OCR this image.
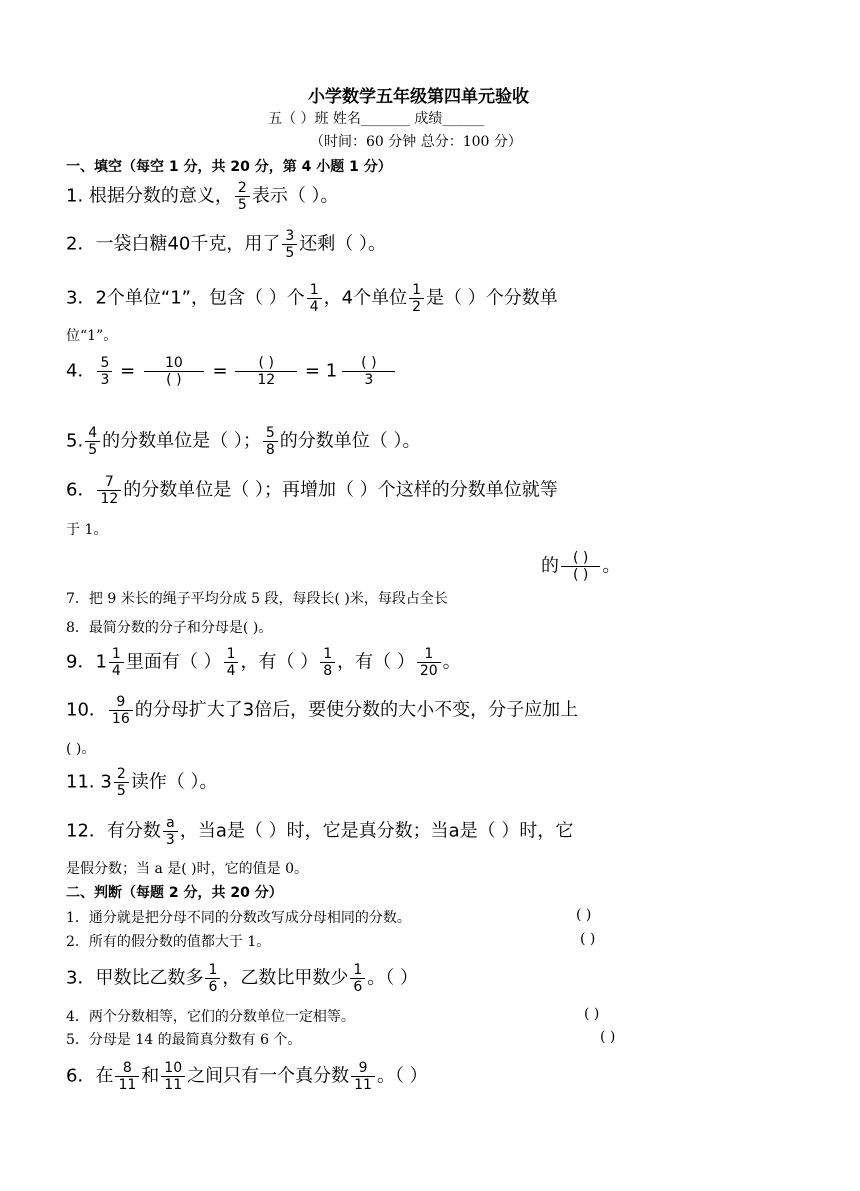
小学数学五年级第四单元验收
五（ ）班 姓名_______ 成绩______
（时间：60 分钟 总分：100 分）
一、填空（每空 1 分，共 20 分，第 4 小题 1 分）
1. 根据分数的意义， $\frac{2}{5}$ 表示（ ）。
2．一袋白糖40千克，用了 $\frac{3}{5}$ 还剩（ ）。
3．2个单位“1”，包含（ ）个 $\frac{1}{4}$ ，4个单位 $\frac{1}{2}$ 是（ ）个分数单
位“1”。
4． $\frac{5}{3} = \frac{10}{( )} = \frac{( )}{12} = 1 \frac{( )}{3}$
5. $\frac{4}{5}$ 的分数单位是（ ）； $\frac{5}{8}$ 的分数单位（ ）。
6． $\frac{7}{12}$ 的分数单位是（ ）；再增加（ ）个这样的分数单位就等
于 1。
的 $\frac{( )}{( )}$ 。
7．把 9 米长的绳子平均分成 5 段，每段长( )米，每段占全长
8．最简分数的分子和分母是( )。
9．$1 \frac{1}{4}$ 里面有（ ） $\frac{1}{4}$ ，有（ ） $\frac{1}{8}$ ，有（ ） $\frac{1}{20}$ 。
10． $\frac{9}{16}$ 的分母扩大了3倍后，要使分数的大小不变，分子应加上
( )。
11. $3 \frac{2}{5}$ 读作（ ）。
12．有分数 $\frac{a}{3}$ ，当a是（ ）时，它是真分数；当a是（ ）时，它
是假分数；当 a 是( )时，它的值是 0。
二、判断（每题 2 分，共 20 分）
1．通分就是把分母不同的分数改写成分母相同的分数。	( )
2．所有的假分数的值都大于 1。	( )
3．甲数比乙数多 $\frac{1}{6}$ ，乙数比甲数少 $\frac{1}{6}$ 。（ ）
4．两个分数相等，它们的分数单位一定相等。	( )
5．分母是 14 的最简真分数有 6 个。	( )
6．在 $\frac{8}{11}$ 和 $\frac{10}{11}$ 之间只有一个真分数 $\frac{9}{11}$ 。（ ）
